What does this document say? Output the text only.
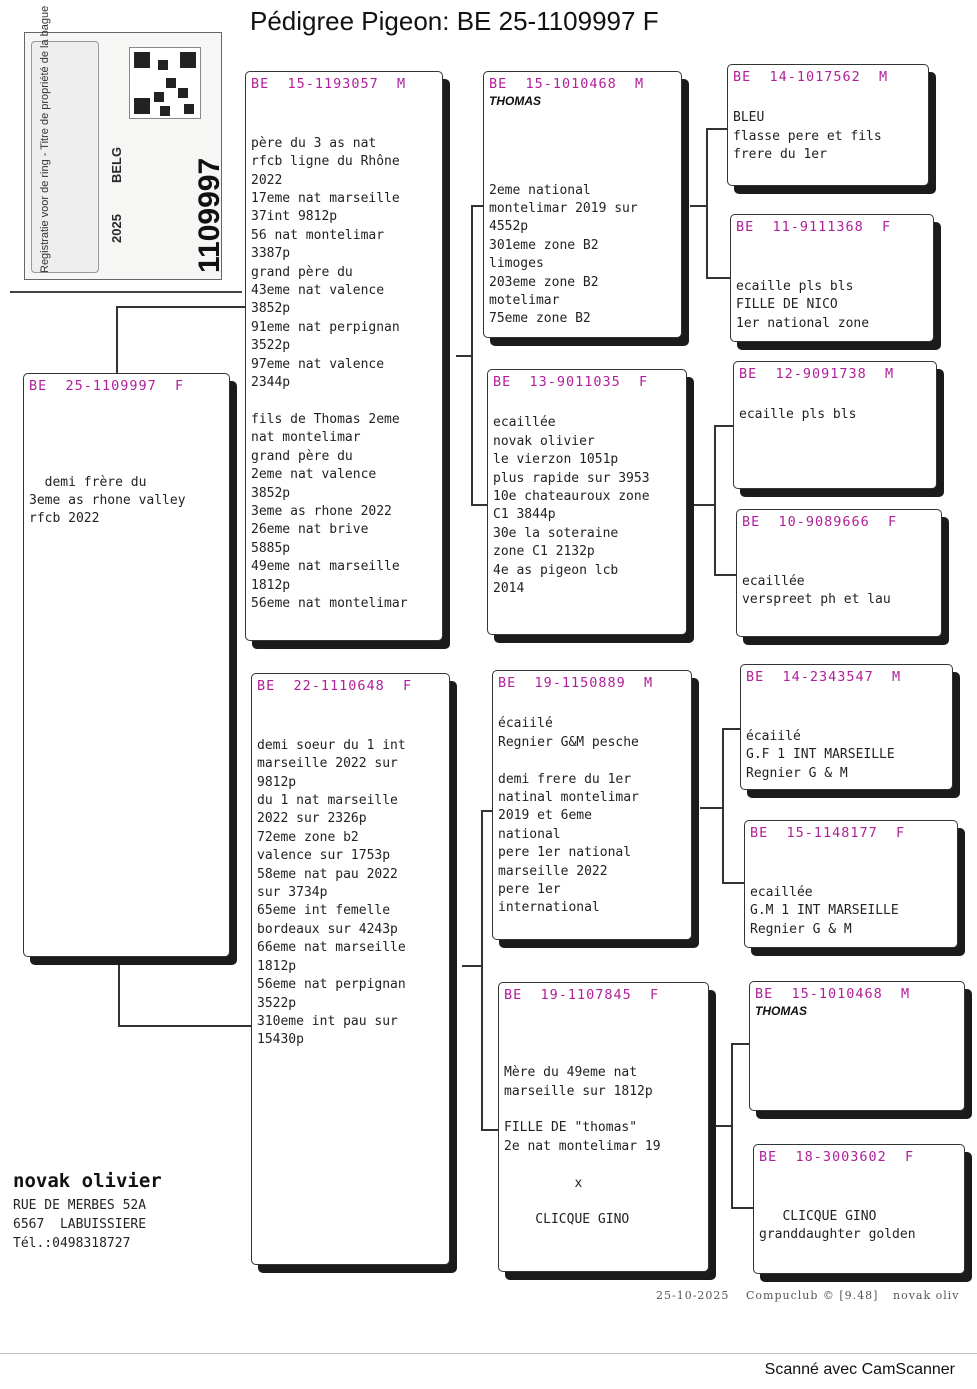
Pédigree Pigeon: BE 25-1109997 F
Registratie voor de ring - Titre de propriété de la bague	BELG
2025 1109997
BE  25-1109997  F

demi frère du
3eme as rhone valley
rfcb 2022
BE  15-1193057  M

père du 3 as nat
rfcb ligne du Rhône
2022
17eme nat marseille
37int 9812p
56 nat montelimar
3387p
grand père du
43eme nat valence
3852p
91eme nat perpignan
3522p
97eme nat valence
2344p

fils de Thomas 2eme
nat montelimar
grand père du
2eme nat valence
3852p
3eme as rhone 2022
26eme nat brive
5885p
49eme nat marseille
1812p
56eme nat montelimar
BE  22-1110648  F

demi soeur du 1 int
marseille 2022 sur
9812p
du 1 nat marseille
2022 sur 2326p
72eme zone b2
valence sur 1753p
58eme nat pau 2022
sur 3734p
65eme int femelle
bordeaux sur 4243p
66eme nat marseille
1812p
56eme nat perpignan
3522p
310eme int pau sur
15430p
BE  15-1010468  M
THOMAS

2eme national
montelimar 2019 sur
4552p
301eme zone B2
limoges
203eme zone B2
motelimar
75eme zone B2
BE  13-9011035  F

ecaillée
novak olivier
le vierzon 1051p
plus rapide sur 3953
10e chateauroux zone
C1 3844p
30e la soteraine
zone C1 2132p
4e as pigeon lcb
2014
BE  19-1150889  M

écaiilé
Regnier G&M pesche

demi frere du 1er
natinal montelimar
2019 et 6eme
national
pere 1er national
marseille 2022
pere 1er
international
BE  19-1107845  F

Mère du 49eme nat
marseille sur 1812p

FILLE DE "thomas"
2e nat montelimar 19

x

CLICQUE GINO
BE  14-1017562  M

BLEU
flasse pere et fils
frere du 1er
BE  11-9111368  F

ecaille pls bls
FILLE DE NICO
1er national zone
BE  12-9091738  M

ecaille pls bls
BE  10-9089666  F

ecaillée
verspreet ph et lau
BE  14-2343547  M

écaiilé
G.F 1 INT MARSEILLE
Regnier G & M
BE  15-1148177  F

ecaillée
G.M 1 INT MARSEILLE
Regnier G & M
BE  15-1010468  M
THOMAS
BE  18-3003602  F

CLICQUE GINO
granddaughter golden
novak olivier
RUE DE MERBES 52A
6567  LABUISSIERE
Tél.:0498318727
25-10-2025 Compuclub © [9.48] novak oliv
Scanné avec CamScanner
